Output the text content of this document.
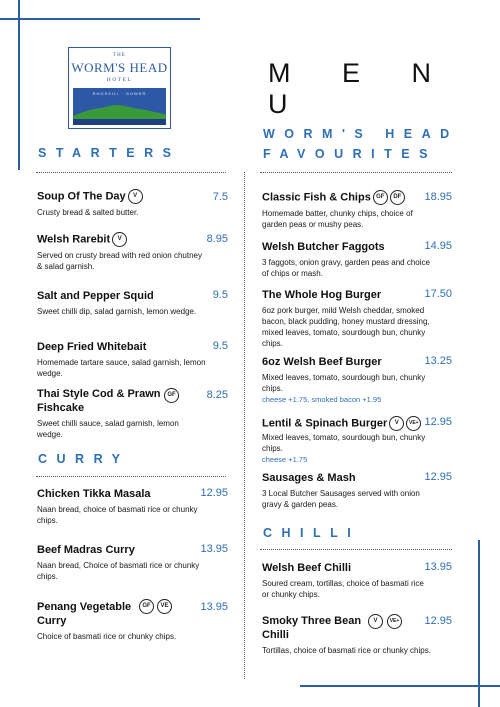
THE
WORM'S HEAD
HOTEL
RHOSSILI · GOWER
M E N U
STARTERS
CURRY
WORM'S HEAD
FAVOURITES
CHILLI
Soup Of The Day V
Crusty bread & salted butter.
7.5
Welsh Rarebit V
Served on crusty bread with red onion chutney & salad garnish.
8.95
Salt and Pepper Squid
Sweet chilli dip, salad garnish, lemon wedge.
9.5
Deep Fried Whitebait
Homemade tartare sauce, salad garnish, lemon wedge.
9.5
Thai Style Cod & Prawn Fishcake
Sweet chilli sauce, salad garnish, lemon wedge.
GF	8.25
Chicken Tikka Masala
Naan bread, choice of basmati rice or chunky chips.
12.95
Beef Madras Curry
Naan bread, Choice of basmati rice or chunky chips.
13.95
Penang Vegetable Curry
Choice of basmati rice or chunky chips.
GF	VE	13.95
Classic Fish & Chips GF DF
Homemade batter, chunky chips, choice of garden peas or mushy peas.
18.95
Welsh Butcher Faggots
3 faggots, onion gravy, garden peas and choice of chips or mash.
14.95
The Whole Hog Burger
6oz pork burger, mild Welsh cheddar, smoked bacon, black pudding, honey mustard dressing, mixed leaves, tomato, sourdough bun, chunky chips.
17.50
6oz Welsh Beef Burger
Mixed leaves, tomato, sourdough bun, chunky chips.
cheese +1.75, smoked bacon +1.95
13.25
Lentil & Spinach Burger V VE+
Mixed leaves, tomato, sourdough bun, chunky chips.
cheese +1.75
12.95
Sausages & Mash
3 Local Butcher Sausages served with onion gravy & garden peas.
12.95
Welsh Beef Chilli
Soured cream, tortillas, choice of basmati rice or chunky chips.
13.95
Smoky Three Bean Chilli
Tortillas, choice of basmati rice or chunky chips.
V	VE+	12.95
